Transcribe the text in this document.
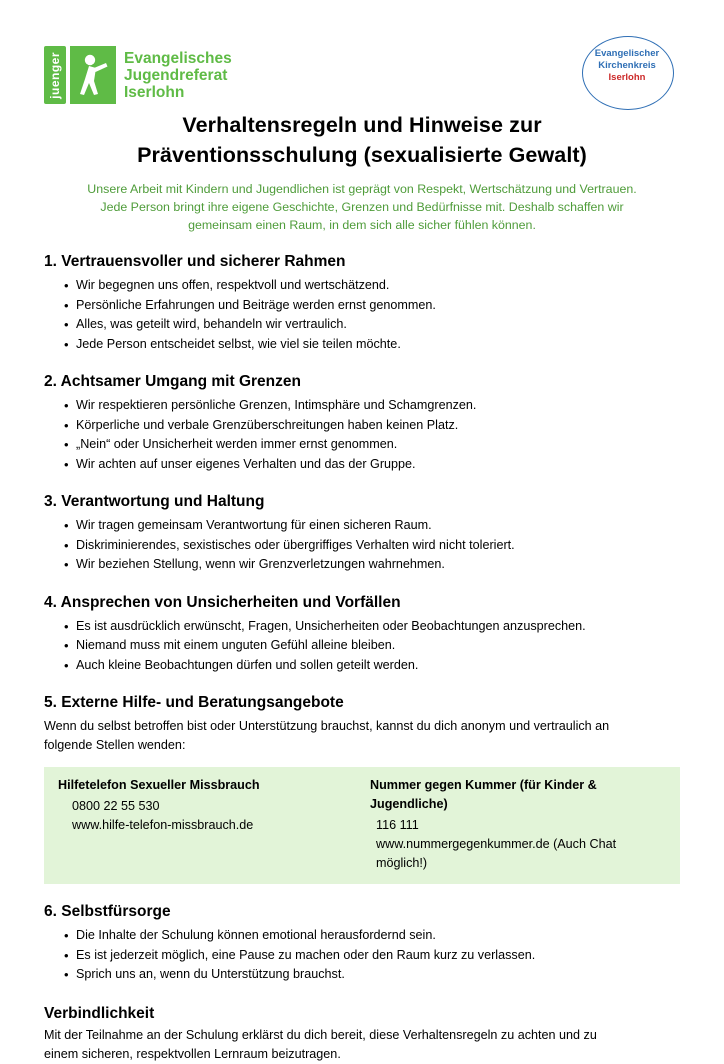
juenger	Evangelisches
Jugendreferat
Iserlohn
Evangelischer
Kirchenkreis
Iserlohn
Verhaltensregeln und Hinweise zur
Präventionsschulung (sexualisierte Gewalt)

Unsere Arbeit mit Kindern und Jugendlichen ist geprägt von Respekt, Wertschätzung und Vertrauen.
Jede Person bringt ihre eigene Geschichte, Grenzen und Bedürfnisse mit. Deshalb schaffen wir
gemeinsam einen Raum, in dem sich alle sicher fühlen können.

1. Vertrauensvoller und sicherer Rahmen
• Wir begegnen uns offen, respektvoll und wertschätzend.
• Persönliche Erfahrungen und Beiträge werden ernst genommen.
• Alles, was geteilt wird, behandeln wir vertraulich.
• Jede Person entscheidet selbst, wie viel sie teilen möchte.
2. Achtsamer Umgang mit Grenzen
• Wir respektieren persönliche Grenzen, Intimsphäre und Schamgrenzen.
• Körperliche und verbale Grenzüberschreitungen haben keinen Platz.
• „Nein“ oder Unsicherheit werden immer ernst genommen.
• Wir achten auf unser eigenes Verhalten und das der Gruppe.
3. Verantwortung und Haltung
• Wir tragen gemeinsam Verantwortung für einen sicheren Raum.
• Diskriminierendes, sexistisches oder übergriffiges Verhalten wird nicht toleriert.
• Wir beziehen Stellung, wenn wir Grenzverletzungen wahrnehmen.
4. Ansprechen von Unsicherheiten und Vorfällen
• Es ist ausdrücklich erwünscht, Fragen, Unsicherheiten oder Beobachtungen anzusprechen.
• Niemand muss mit einem unguten Gefühl alleine bleiben.
• Auch kleine Beobachtungen dürfen und sollen geteilt werden.
5. Externe Hilfe- und Beratungsangebote

Wenn du selbst betroffen bist oder Unterstützung brauchst, kannst du dich anonym und vertraulich an
folgende Stellen wenden:

Hilfetelefon Sexueller Missbrauch
0800 22 55 530
www.hilfe-telefon-missbrauch.de
Nummer gegen Kummer (für Kinder & Jugendliche)
116 111
www.nummergegenkummer.de (Auch Chat möglich!)
6. Selbstfürsorge
• Die Inhalte der Schulung können emotional herausfordernd sein.
• Es ist jederzeit möglich, eine Pause zu machen oder den Raum kurz zu verlassen.
• Sprich uns an, wenn du Unterstützung brauchst.
Verbindlichkeit

Mit der Teilnahme an der Schulung erklärst du dich bereit, diese Verhaltensregeln zu achten und zu
einem sicheren, respektvollen Lernraum beizutragen.
